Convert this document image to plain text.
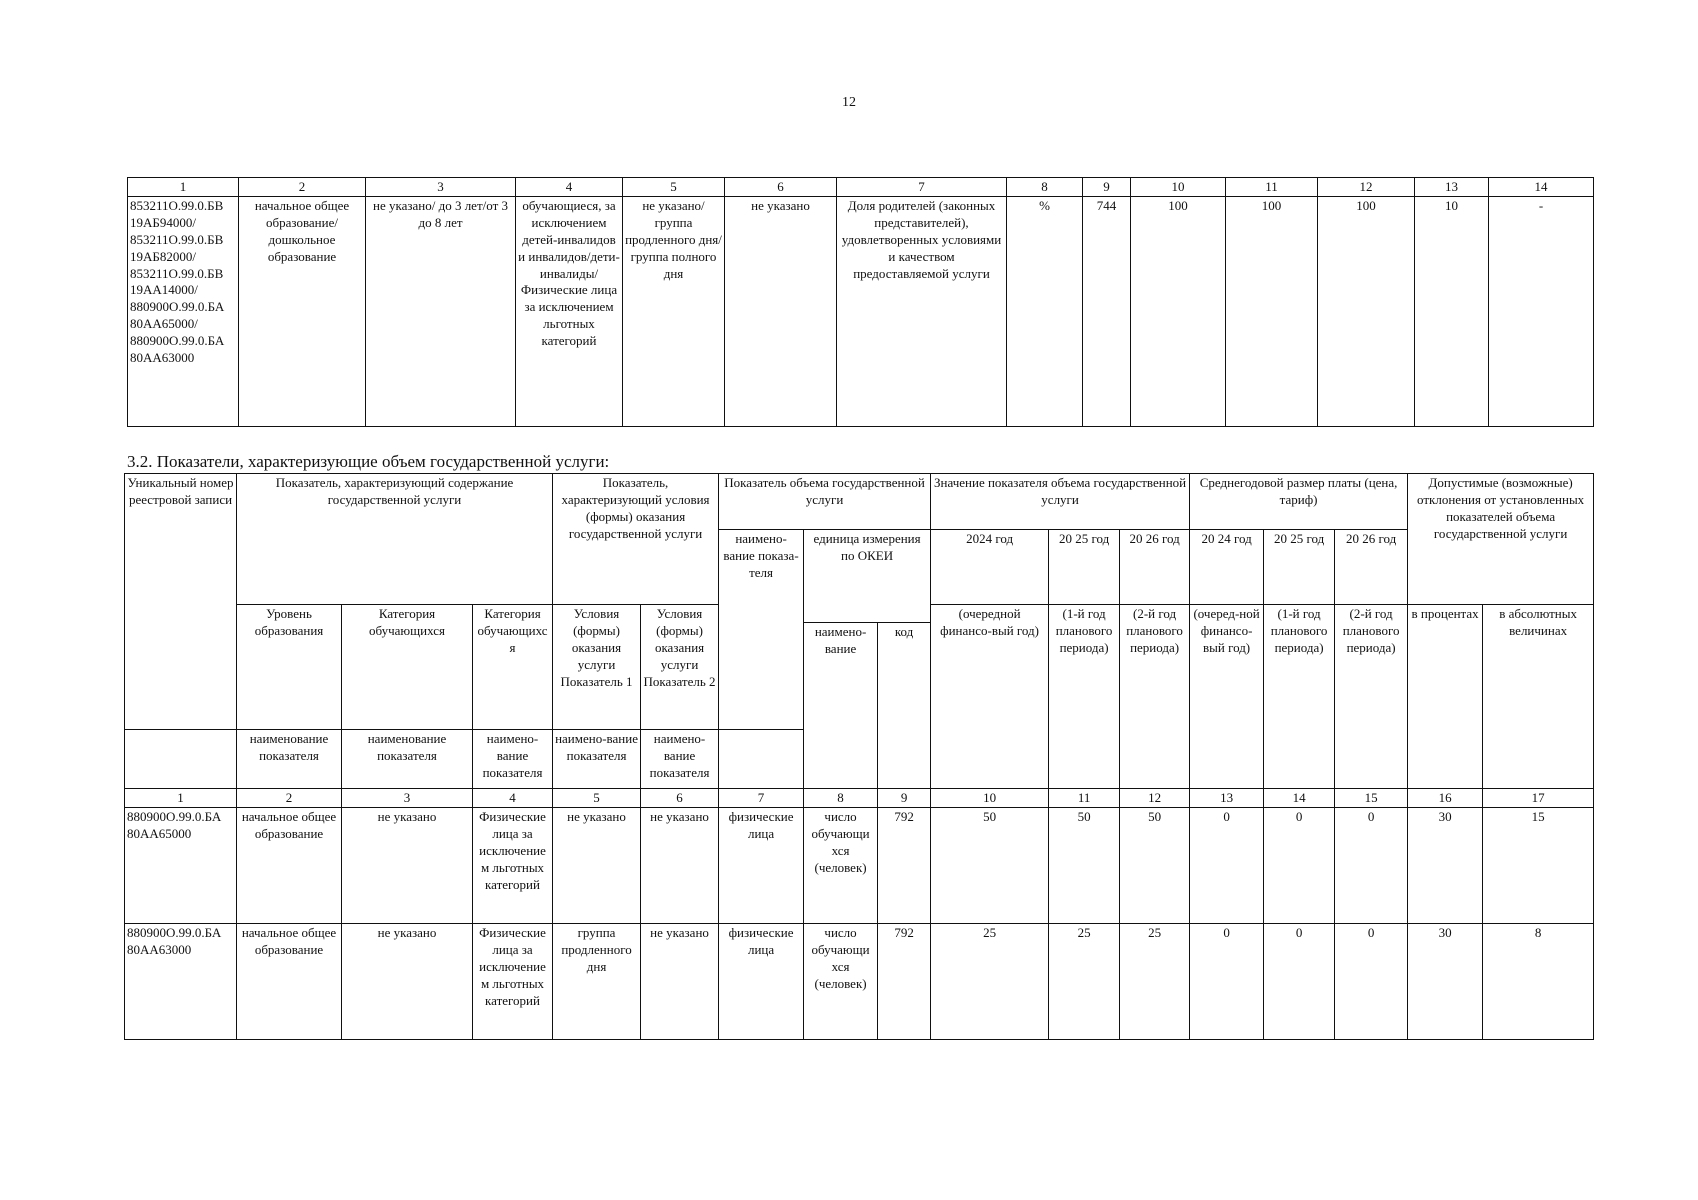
12
1	2	3	4	5	6	7	8	9	10	11	12	13	14
853211О.99.0.БВ 19АБ94000/ 853211О.99.0.БВ 19АБ82000/ 853211О.99.0.БВ 19АА14000/ 880900О.99.0.БА 80АА65000/ 880900О.99.0.БА 80АА63000	начальное общее образование/ дошкольное образование	не указано/ до 3 лет/от 3 до 8 лет	обучающиеся, за исключением детей-инвалидов и инвалидов/дети-инвалиды/ Физические лица за исключением льготных категорий	не указано/ группа продленного дня/ группа полного дня	не указано	Доля родителей (законных представителей), удовлетворенных условиями и качеством предоставляемой услуги	%	744	100	100	100	10	-
3.2. Показатели, характеризующие объем государственной услуги:
Уникальный номер реестровой записи	Показатель, характеризующий содержание государственной услуги			Показатель, характеризующий условия (формы) оказания государственной услуги		Показатель объема государственной услуги			Значение показателя объема государственной услуги			Среднегодовой размер платы (цена, тариф)			Допустимые (возможные) отклонения от установленных показателей объема государственной услуги	
						наимено-вание показа-теля	единица измерения по ОКЕИ		2024 год	20 25 год	20 26 год	20 24 год	20 25 год	20 26 год		
	Уровень образования	Категория обучающихся	Категория обучающихся	Условия (формы) оказания услуги Показатель 1	Условия (формы) оказания услуги Показатель 2				(очередной финансо-вый год)	(1-й год планового периода)	(2-й год планового периода)	(очеред-ной финансо-вый год)	(1-й год планового периода)	(2-й год планового периода)	в процентах	в абсолютных величинах
							наимено-вание	код								
	наименование показателя	наименование показателя	наимено-вание показателя	наимено-вание показателя	наимено-вание показателя											
1	2	3	4	5	6	7	8	9	10	11	12	13	14	15	16	17
880900О.99.0.БА 80АА65000	начальное общее образование	не указано	Физические лица за исключение м льготных категорий	не указано	не указано	физические лица	число обучающи хся (человек)	792	50	50	50	0	0	0	30	15
880900О.99.0.БА 80АА63000	начальное общее образование	не указано	Физические лица за исключение м льготных категорий	группа продленного дня	не указано	физические лица	число обучающи хся (человек)	792	25	25	25	0	0	0	30	8
